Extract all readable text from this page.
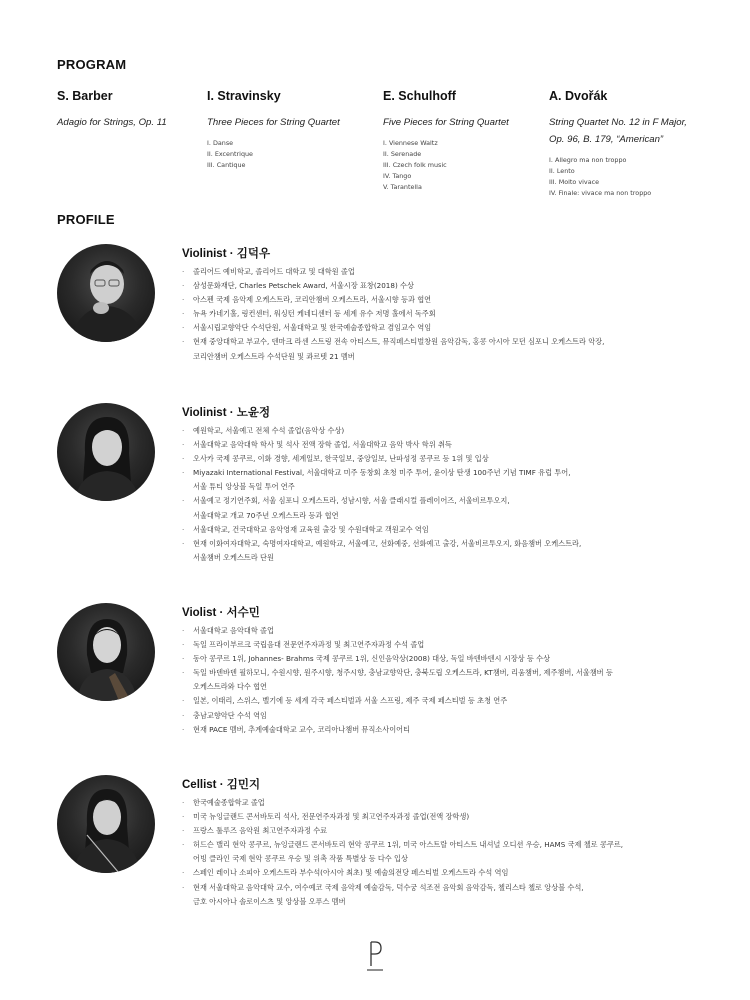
PROGRAM
S. Barber
Adagio for Strings, Op. 11
I. Stravinsky
Three Pieces for String Quartet
I. Danse
II. Excentrique
III. Cantique
E. Schulhoff
Five Pieces for String Quartet
I. Viennese Waltz
II. Serenade
III. Czech folk music
IV. Tango
V. Tarantella
A. Dvořák
String Quartet No. 12 in F Major,
Op. 96, B. 179, “American”
I. Allegro ma non troppo
II. Lento
III. Molto vivace
IV. Finale: vivace ma non troppo
PROFILE
Violinist · 김덕우
· 졸리어드 예비학교, 졸리어드 대학교 및 대학원 졸업
· 삼성문화재단, Charles Petschek Award, 서울시장 표창(2018) 수상
· 아스펜 국제 음악제 오케스트라, 코리안챔버 오케스트라, 서울시향 등과 협연
· 뉴욕 카네기홀, 링컨센터, 워싱턴 케네디센터 등 세계 유수 저명 홀에서 독주회
· 서울시립교향악단 수석단원, 서울대학교 및 한국예술종합학교 겸임교수 역임
· 현재 중앙대학교 부교수, 덴마크 라센 스트링 전속 아티스트, 뮤직페스티벌창원 음악감독, 홍콩 아시아 모던 심포니 오케스트라 악장,
코리안챔버 오케스트라 수석단원 및 콰르텟 21 멤버
Violinist · 노윤정
· 예원학교, 서울예고 전체 수석 졸업(음악상 수상)
· 서울대학교 음악대학 학사 및 석사 전액 장학 졸업, 서울대학교 음악 박사 학위 취득
· 오사카 국제 콩쿠르, 이화 경향, 세계일보, 한국일보, 중앙일보, 난파성정 콩쿠르 등 1위 및 입상
· Miyazaki International Festival, 서울대학교 미주 동창회 초청 미주 투어, 윤이상 탄생 100주년 기념 TIMF 유럽 투어,
서울 튜티 앙상블 독일 투어 연주
· 서울예고 정기연주회, 서울 심포니 오케스트라, 성남시향, 서울 클래시컬 플레이어즈, 서울비르투오지,
서울대학교 개교 70주년 오케스트라 등과 협연
· 서울대학교, 건국대학교 음악영재 교육원 출강 및 수원대학교 객원교수 역임
· 현재 이화여자대학교, 숙명여자대학교, 예원학교, 서울예고, 선화예중, 선화예고 출강, 서울비르투오지, 화음챔버 오케스트라,
서울챔버 오케스트라 단원
Violist · 서수민
· 서울대학교 음악대학 졸업
· 독일 프라이부르크 국립음대 전문연주자과정 및 최고연주자과정 수석 졸업
· 동아 콩쿠르 1위, Johannes- Brahms 국제 콩쿠르 1위, 신인음악상(2008) 대상, 독일 바덴바덴시 시장상 등 수상
· 독일 바덴바덴 필하모니, 수원시향, 원주시향, 청주시향, 충남교향악단, 충북도립 오케스트라, KT챔버, 리움챔버, 제주챔버, 서울챔버 등
오케스트라와 다수 협연
· 일본, 이태리, 스위스, 벨기에 등 세계 각국 페스티벌과 서울 스프링, 제주 국제 페스티벌 등 초청 연주
· 충남교향악단 수석 역임
· 현재 PACE 멤버, 추계예술대학교 교수, 코리아나챔버 뮤직소사이어티
Cellist · 김민지
· 한국예술종합학교 졸업
· 미국 뉴잉글랜드 콘서바토리 석사, 전문연주자과정 및 최고연주자과정 졸업(전액 장학생)
· 프랑스 툴루즈 음악원 최고연주자과정 수료
· 허드슨 밸리 현악 콩쿠르, 뉴잉글랜드 콘서바토리 현악 콩쿠르 1위, 미국 아스트랄 아티스트 내셔널 오디션 우승, HAMS 국제 첼로 콩쿠르,
어빙 클라인 국제 현악 콩쿠르 우승 및 위촉 작품 특별상 등 다수 입상
· 스페인 레이나 소피아 오케스트라 부수석(아시아 최초) 및 예술의전당 페스티벌 오케스트라 수석 역임
· 현재 서울대학교 음악대학 교수, 여수예코 국제 음악제 예술감독, 덕수궁 석조전 음악회 음악감독, 첼리스타 첼로 앙상블 수석,
금호 아시아나 솔로이스츠 및 앙상블 오푸스 멤버
